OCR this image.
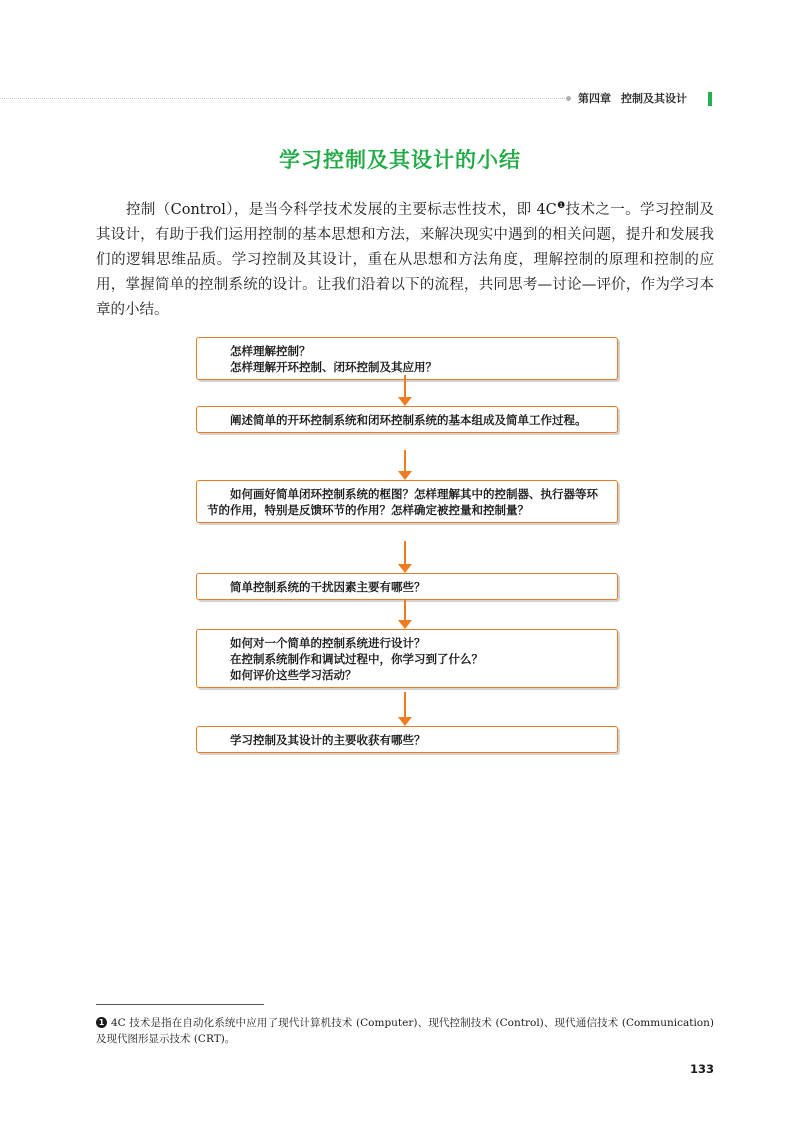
第四章 控制及其设计
学习控制及其设计的小结

控制（Control），是当今科学技术发展的主要标志性技术，即 $4C^❶$技术之一。学习控制及其设计，有助于我们运用控制的基本思想和方法，来解决现实中遇到的相关问题，提升和发展我们的逻辑思维品质。学习控制及其设计，重在从思想和方法角度，理解控制的原理和控制的应用，掌握简单的控制系统的设计。让我们沿着以下的流程，共同思考—讨论—评价，作为学习本章的小结。

怎样理解控制？
怎样理解开环控制、闭环控制及其应用？
阐述简单的开环控制系统和闭环控制系统的基本组成及简单工作过程。
如何画好简单闭环控制系统的框图？怎样理解其中的控制器、执行器等环节的作用，特别是反馈环节的作用？怎样确定被控量和控制量？
简单控制系统的干扰因素主要有哪些？
如何对一个简单的控制系统进行设计？
在控制系统制作和调试过程中，你学习到了什么？
如何评价这些学习活动？
学习控制及其设计的主要收获有哪些？

1 4C 技术是指在自动化系统中应用了现代计算机技术 (Computer)、现代控制技术 (Control)、现代通信技术 (Communication) 及现代图形显示技术 (CRT)。

133
